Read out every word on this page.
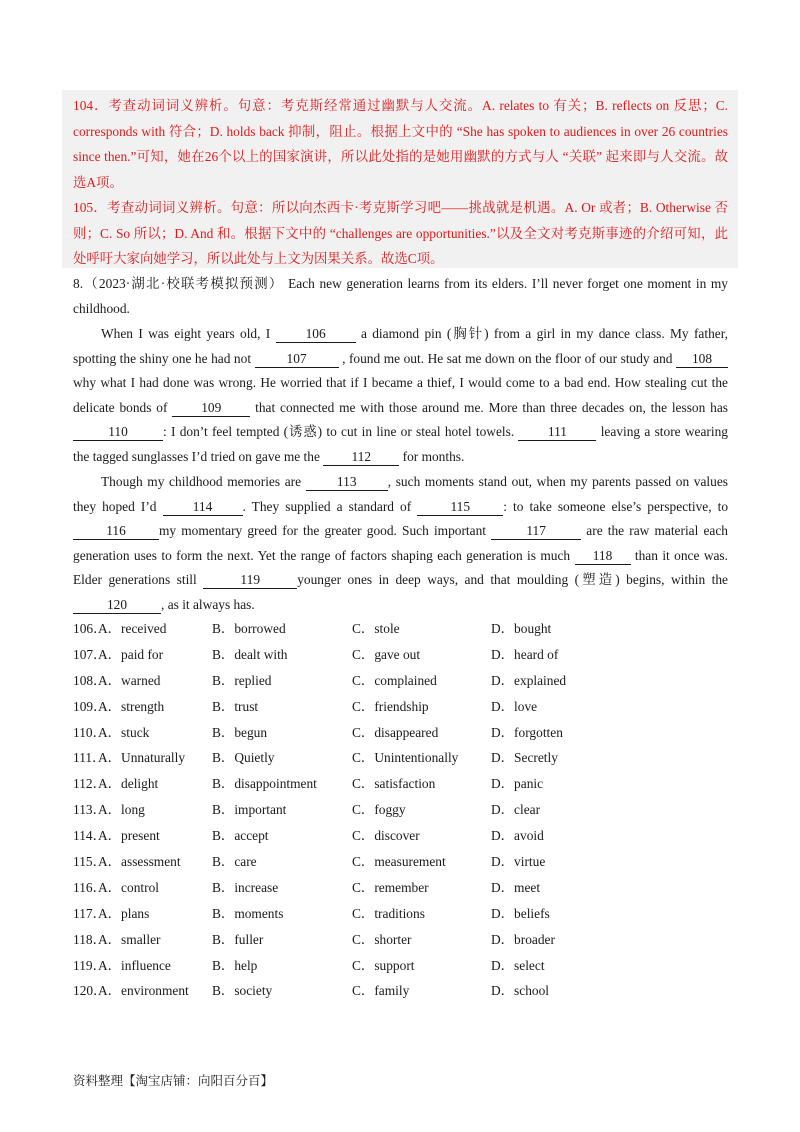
104．考查动词词义辨析。句意：考克斯经常通过幽默与人交流。A. relates to 有关；B. reflects on 反思；C. corresponds with 符合；D. holds back 抑制，阻止。根据上文中的 “She has spoken to audiences in over 26 countries since then.”可知，她在26个以上的国家演讲，所以此处指的是她用幽默的方式与人 “关联” 起来即与人交流。故选A项。
105．考查动词词义辨析。句意：所以向杰西卡·考克斯学习吧——挑战就是机遇。A. Or 或者；B. Otherwise 否则；C. So 所以；D. And 和。根据下文中的 “challenges are opportunities.”以及全文对考克斯事迹的介绍可知，此处呼吁大家向她学习，所以此处与上文为因果关系。故选C项。
8.（2023·湖北·校联考模拟预测） Each new generation learns from its elders. I’ll never forget one moment in my childhood.
When I was eight years old, I 106 a diamond pin (胸针) from a girl in my dance class. My father, spotting the shiny one he had not 107 , found me out. He sat me down on the floor of our study and 108 why what I had done was wrong. He worried that if I became a thief, I would come to a bad end. How stealing cut the delicate bonds of 109 that connected me with those around me. More than three decades on, the lesson has 110	: I don’t feel tempted (诱惑) to cut in line or steal hotel towels. 111 leaving a store wearing the tagged sunglasses I’d tried on gave me the 112 for months.
Though my childhood memories are 113 , such moments stand out, when my parents passed on values they hoped I’d 114 . They supplied a standard of 115 : to take someone else’s perspective, to 116 my momentary greed for the greater good. Such important	117	are the raw material each generation uses to form the next. Yet the range of factors shaping each generation is much 118 than it once was. Elder generations still	119	younger ones in deep ways, and that moulding (塑造) begins, within the 120	, as it always has.
106．
A．received	B．borrowed	C．stole	D．bought
107．
A．paid for	B．dealt with	C．gave out	D．heard of
108．
A．warned	B．replied	C．complained	D．explained
109．
A．strength	B．trust	C．friendship	D．love
110．
A．stuck	B．begun	C．disappeared	D．forgotten
111．
A．Unnaturally B．Quietly	C．Unintentionally D．Secretly
112．
A．delight	B．disappointment	C．satisfaction	D．panic
113．
A．long	B．important	C．foggy	D．clear
114．
A．present	B．accept	C．discover	D．avoid
115．
A．assessment B．care	C．measurement	D．virtue
116．
A．control	B．increase	C．remember	D．meet
117．
A．plans	B．moments	C．traditions	D．beliefs
118．
A．smaller	B．fuller	C．shorter	D．broader
119．
A．influence	B．help	C．support	D．select
120．
A．environment B．society	C．family	D．school
资料整理【淘宝店铺：向阳百分百】
